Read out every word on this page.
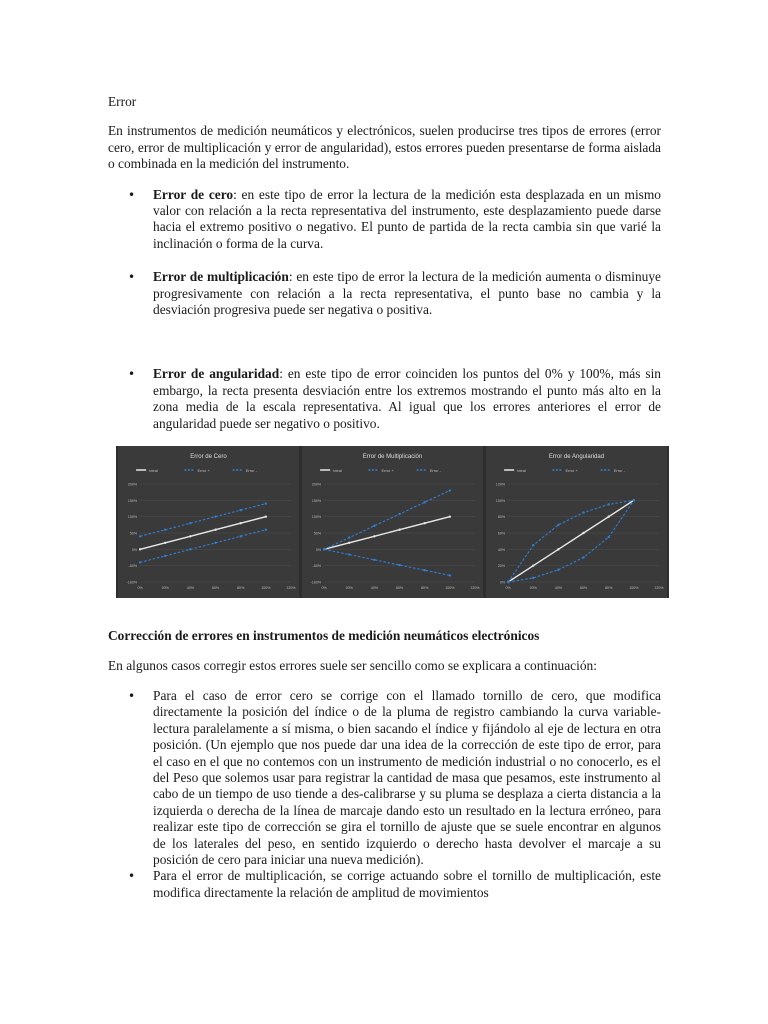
Error

En instrumentos de medición neumáticos y electrónicos, suelen producirse tres tipos de errores (error cero, error de multiplicación y error de angularidad), estos errores pueden presentarse de forma aislada o combinada en la medición del instrumento.

• Error de cero: en este tipo de error la lectura de la medición esta desplazada en un mismo valor con relación a la recta representativa del instrumento, este desplazamiento puede darse hacia el extremo positivo o negativo. El punto de partida de la recta cambia sin que varié la inclinación o forma de la curva.
• Error de multiplicación: en este tipo de error la lectura de la medición aumenta o disminuye progresivamente con relación a la recta representativa, el punto base no cambia y la desviación progresiva puede ser negativa o positiva.
• Error de angularidad: en este tipo de error coinciden los puntos del 0% y 100%, más sin embargo, la recta presenta desviación entre los extremos mostrando el punto más alto en la zona media de la escala representativa. Al igual que los errores anteriores el error de angularidad puede ser negativo o positivo.
Error de Cero
Ideal	Error +	Error -
-100%
-50%
0%
50%
100%
150%
200%
0%	20%	40%	60%	80%	100%	120%
Error de Multiplicación
Ideal	Error +	Error -
-100%
-50%
0%
50%
100%
150%
200%
0%	20%	40%	60%	80%	100%	120%
Error de Angularidad
Ideal	Error +	Error -
0%
20%
40%
60%
80%
100%
120%
0%	20%	40%	60%	80%	100%	120%

Corrección de errores en instrumentos de medición neumáticos electrónicos

En algunos casos corregir estos errores suele ser sencillo como se explicara a continuación:

• Para el caso de error cero se corrige con el llamado tornillo de cero, que modifica directamente la posición del índice o de la pluma de registro cambiando la curva variable-lectura paralelamente a sí misma, o bien sacando el índice y fijándolo al eje de lectura en otra posición. (Un ejemplo que nos puede dar una idea de la corrección de este tipo de error, para el caso en el que no contemos con un instrumento de medición industrial o no conocerlo, es el del Peso que solemos usar para registrar la cantidad de masa que pesamos, este instrumento al cabo de un tiempo de uso tiende a des-calibrarse y su pluma se desplaza a cierta distancia a la izquierda o derecha de la línea de marcaje dando esto un resultado en la lectura erróneo, para realizar este tipo de corrección se gira el tornillo de ajuste que se suele encontrar en algunos de los laterales del peso, en sentido izquierdo o derecho hasta devolver el marcaje a su posición de cero para iniciar una nueva medición).
• Para el error de multiplicación, se corrige actuando sobre el tornillo de multiplicación, este modifica directamente la relación de amplitud de movimientos
